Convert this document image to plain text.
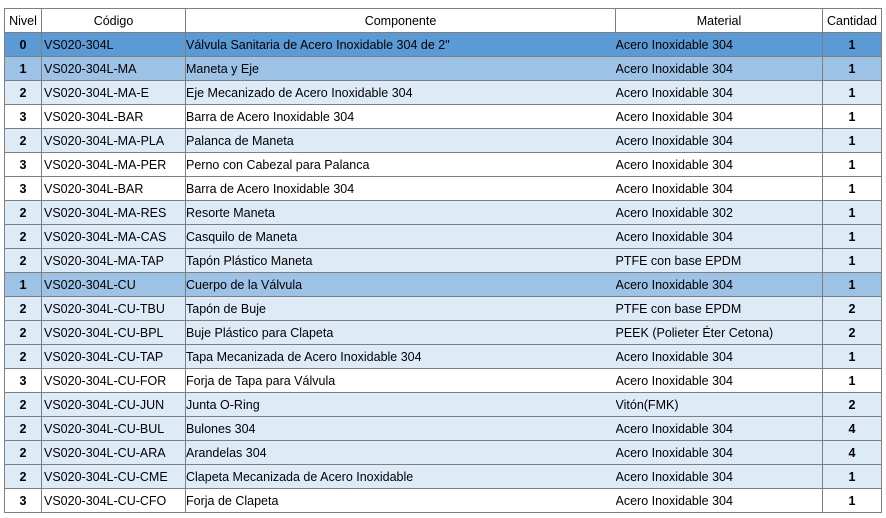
Nivel	Código	Componente	Material	Cantidad
0	VS020-304L	Válvula Sanitaria de Acero Inoxidable 304 de 2"	Acero Inoxidable 304	1
1	VS020-304L-MA	Maneta y Eje	Acero Inoxidable 304	1
2	VS020-304L-MA-E	Eje Mecanizado de Acero Inoxidable 304	Acero Inoxidable 304	1
3	VS020-304L-BAR	Barra de Acero Inoxidable 304	Acero Inoxidable 304	1
2	VS020-304L-MA-PLA	Palanca de Maneta	Acero Inoxidable 304	1
3	VS020-304L-MA-PER	Perno con Cabezal para Palanca	Acero Inoxidable 304	1
3	VS020-304L-BAR	Barra de Acero Inoxidable 304	Acero Inoxidable 304	1
2	VS020-304L-MA-RES	Resorte Maneta	Acero Inoxidable 302	1
2	VS020-304L-MA-CAS	Casquilo de Maneta	Acero Inoxidable 304	1
2	VS020-304L-MA-TAP	Tapón Plástico Maneta	PTFE con base EPDM	1
1	VS020-304L-CU	Cuerpo de la Válvula	Acero Inoxidable 304	1
2	VS020-304L-CU-TBU	Tapón de Buje	PTFE con base EPDM	2
2	VS020-304L-CU-BPL	Buje Plástico para Clapeta	PEEK (Polieter Éter Cetona)	2
2	VS020-304L-CU-TAP	Tapa Mecanizada de Acero Inoxidable 304	Acero Inoxidable 304	1
3	VS020-304L-CU-FOR	Forja de Tapa para Válvula	Acero Inoxidable 304	1
2	VS020-304L-CU-JUN	Junta O-Ring	Vitón(FMK)	2
2	VS020-304L-CU-BUL	Bulones 304	Acero Inoxidable 304	4
2	VS020-304L-CU-ARA	Arandelas 304	Acero Inoxidable 304	4
2	VS020-304L-CU-CME	Clapeta Mecanizada de Acero Inoxidable	Acero Inoxidable 304	1
3	VS020-304L-CU-CFO	Forja de Clapeta	Acero Inoxidable 304	1
